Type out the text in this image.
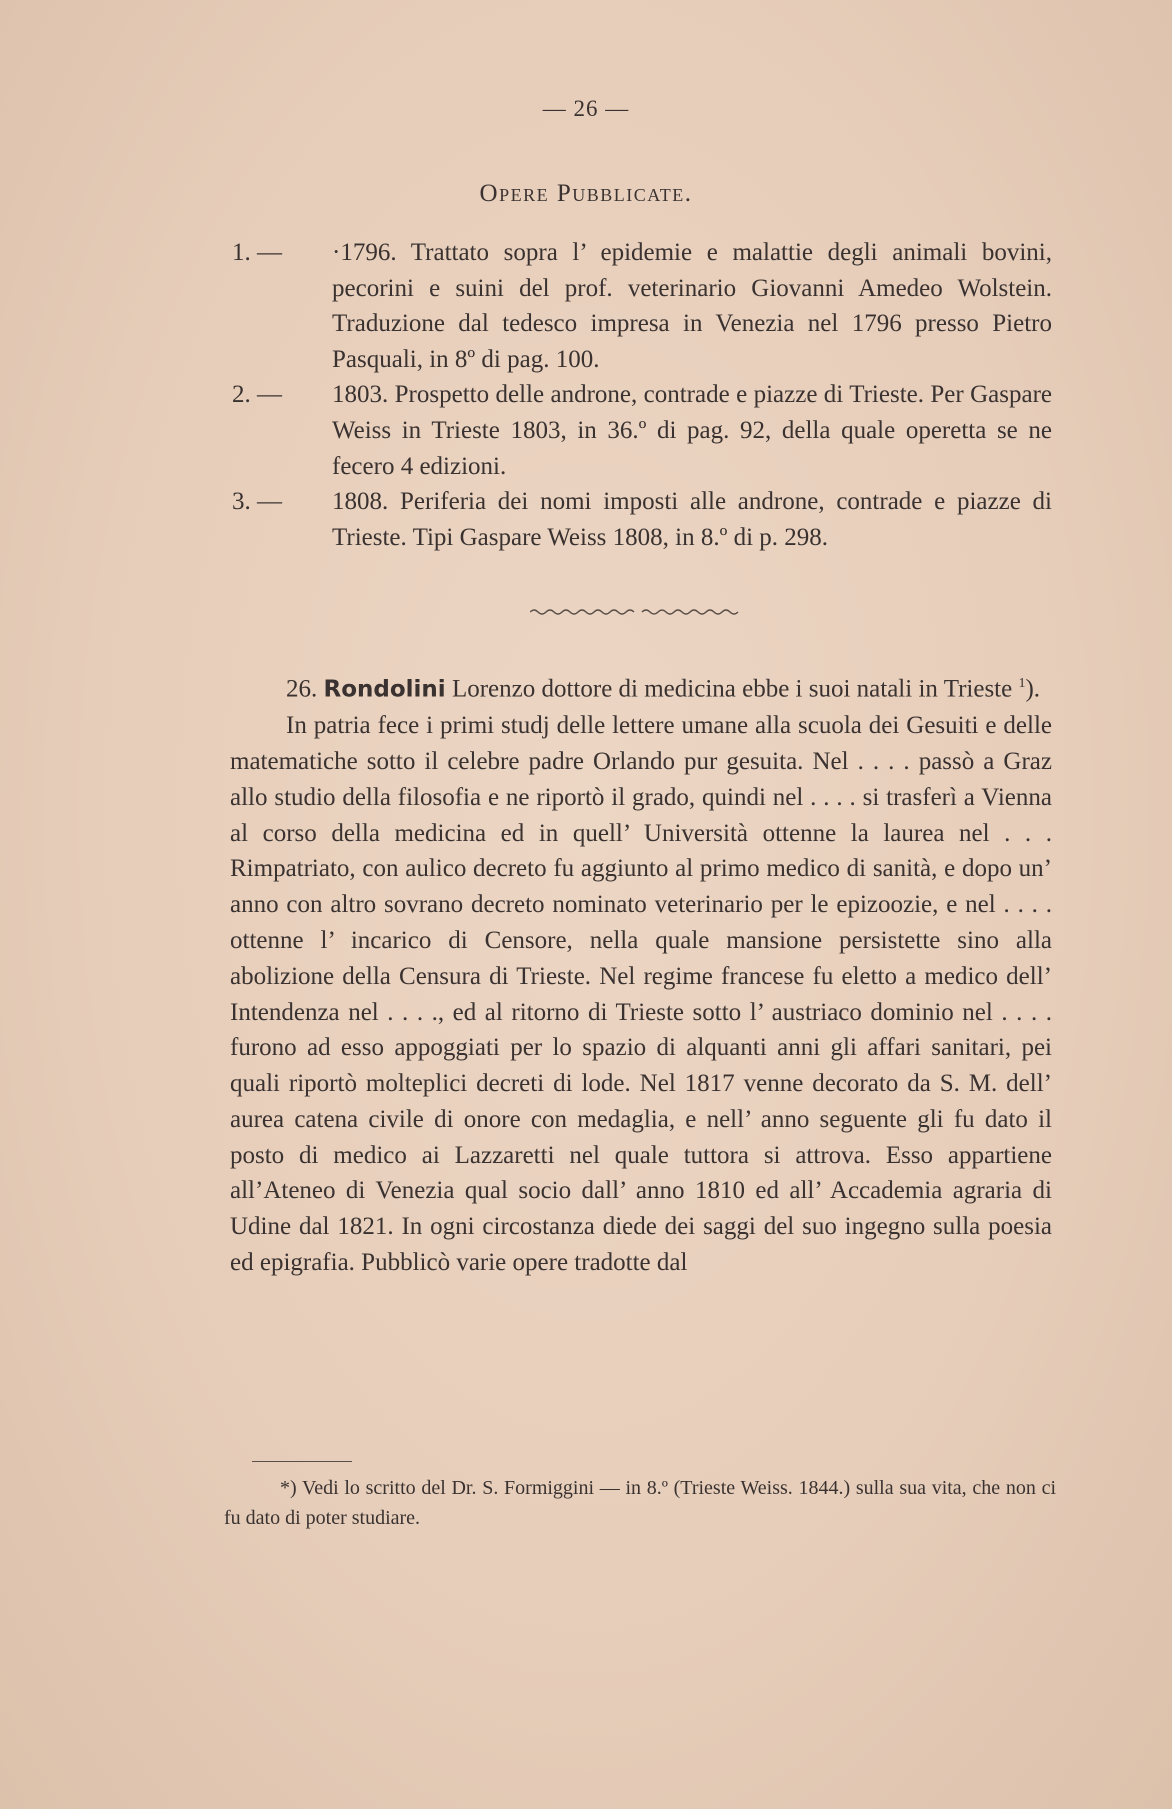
— 26 —
Opere Pubblicate.
1. —	·1796. Trattato sopra l’ epidemie e malattie degli animali bovini, pecorini e suini del prof. veterinario Giovanni Amedeo Wolstein. Traduzione dal tedesco impresa in Venezia nel 1796 presso Pietro Pasquali, in 8º di pag. 100.
2. —	1803. Prospetto delle androne, contrade e piazze di Trieste. Per Gaspare Weiss in Trieste 1803, in 36.º di pag. 92, della quale operetta se ne fecero 4 edizioni.
3. —	1808. Periferia dei nomi imposti alle androne, contrade e piazze di Trieste. Tipi Gaspare Weiss 1808, in 8.º di p. 298.

26. Rondolini Lorenzo dottore di medicina ebbe i suoi natali in Trieste $^1$).

In patria fece i primi studj delle lettere umane alla scuola dei Gesuiti e delle matematiche sotto il celebre padre Orlando pur gesuita. Nel . . . . passò a Graz allo studio della filosofia e ne riportò il grado, quindi nel . . . . si trasferì a Vienna al corso della medicina ed in quell’ Università ottenne la laurea nel . . . Rimpatriato, con aulico decreto fu aggiunto al primo medico di sanità, e dopo un’ anno con altro sovrano decreto nominato veterinario per le epizoozie, e nel . . . . ottenne l’ incarico di Censore, nella quale mansione persistette sino alla abolizione della Censura di Trieste. Nel regime francese fu eletto a medico dell’ Intendenza nel . . . ., ed al ritorno di Trieste sotto l’ austriaco dominio nel . . . . furono ad esso appoggiati per lo spazio di alquanti anni gli affari sanitari, pei quali riportò molteplici decreti di lode. Nel 1817 venne decorato da S. M. dell’ aurea catena civile di onore con medaglia, e nell’ anno seguente gli fu dato il posto di medico ai Lazzaretti nel quale tuttora si attrova. Esso appartiene all’Ateneo di Venezia qual socio dall’ anno 1810 ed all’ Accademia agraria di Udine dal 1821. In ogni circostanza diede dei saggi del suo ingegno sulla poesia ed epigrafia. Pubblicò varie opere tradotte dal

*) Vedi lo scritto del Dr. S. Formiggini — in 8.º (Trieste Weiss. 1844.) sulla sua vita, che non ci fu dato di poter studiare.
